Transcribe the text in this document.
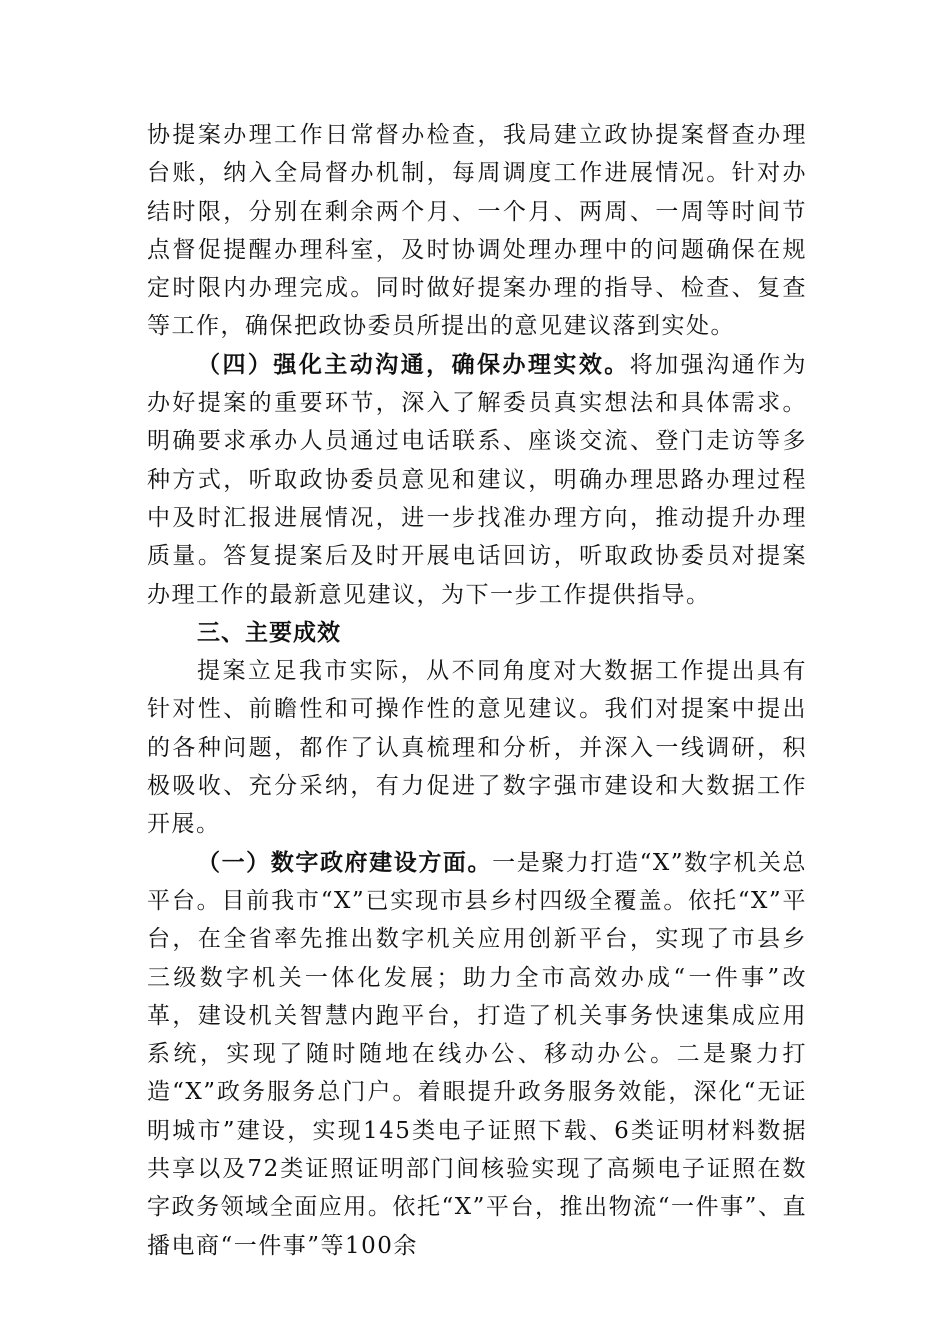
协提案办理工作日常督办检查，我局建立政协提案督查办理台账，纳入全局督办机制，每周调度工作进展情况。针对办结时限，分别在剩余两个月、一个月、两周、一周等时间节点督促提醒办理科室，及时协调处理办理中的问题确保在规定时限内办理完成。同时做好提案办理的指导、检查、复查等工作，确保把政协委员所提出的意见建议落到实处。

（四）强化主动沟通，确保办理实效。将加强沟通作为办好提案的重要环节，深入了解委员真实想法和具体需求。明确要求承办人员通过电话联系、座谈交流、登门走访等多种方式，听取政协委员意见和建议，明确办理思路办理过程中及时汇报进展情况，进一步找准办理方向，推动提升办理质量。答复提案后及时开展电话回访，听取政协委员对提案办理工作的最新意见建议，为下一步工作提供指导。

三、主要成效

提案立足我市实际，从不同角度对大数据工作提出具有针对性、前瞻性和可操作性的意见建议。我们对提案中提出的各种问题，都作了认真梳理和分析，并深入一线调研，积极吸收、充分采纳，有力促进了数字强市建设和大数据工作开展。

（一）数字政府建设方面。一是聚力打造“X”数字机关总平台。目前我市“X”已实现市县乡村四级全覆盖。依托“X”平台，在全省率先推出数字机关应用创新平台，实现了市县乡三级数字机关一体化发展；助力全市高效办成“一件事”改革，建设机关智慧内跑平台，打造了机关事务快速集成应用系统，实现了随时随地在线办公、移动办公。二是聚力打造“X”政务服务总门户。着眼提升政务服务效能，深化“无证明城市”建设，实现145类电子证照下载、6类证明材料数据共享以及72类证照证明部门间核验实现了高频电子证照在数字政务领域全面应用。依托“X”平台，推出物流“一件事”、直播电商“一件事”等100余
